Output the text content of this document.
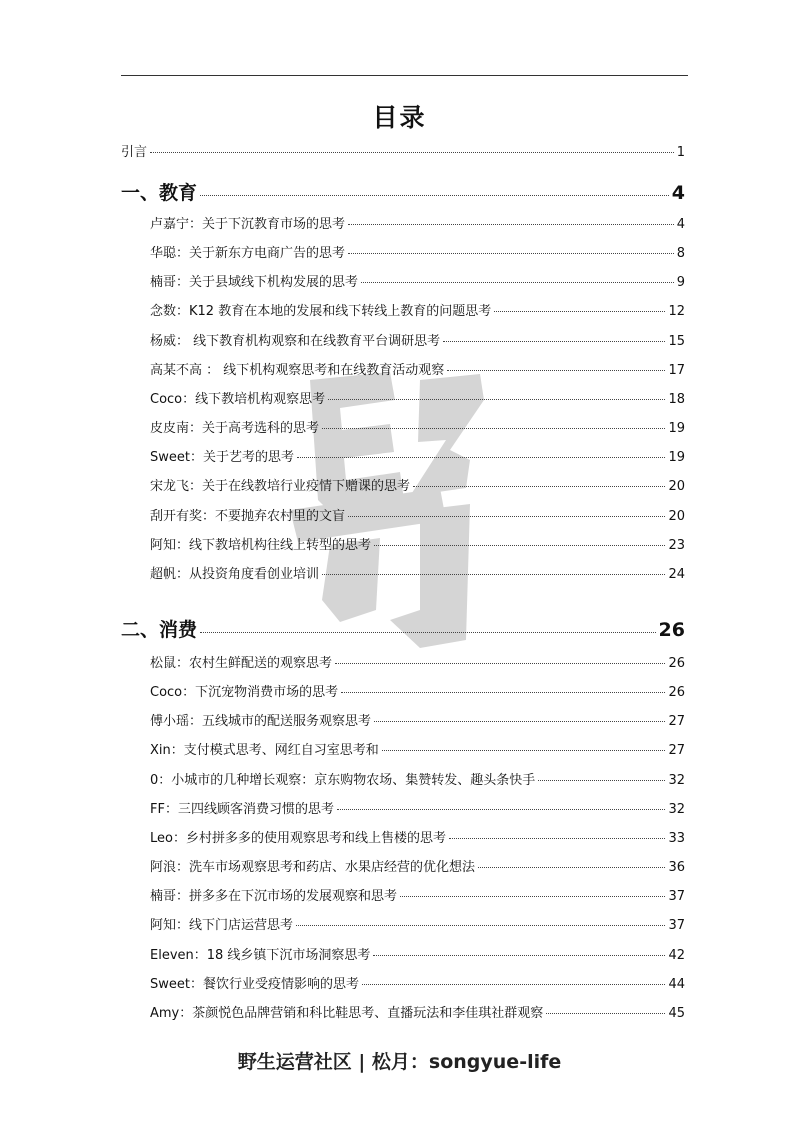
目录
引言	1
一、教育	4
卢嘉宁：关于下沉教育市场的思考	4
华聪：关于新东方电商广告的思考	8
楠哥：关于县域线下机构发展的思考	9
念数：K12 教育在本地的发展和线下转线上教育的问题思考	12
杨威： 线下教育机构观察和在线教育平台调研思考	15
高某不高 ： 线下机构观察思考和在线教育活动观察	17
Coco：线下教培机构观察思考	18
皮皮南：关于高考选科的思考	19
Sweet：关于艺考的思考	19
宋龙飞：关于在线教培行业疫情下赠课的思考	20
刮开有奖：不要抛弃农村里的文盲	20
阿知：线下教培机构往线上转型的思考	23
超帆：从投资角度看创业培训	24
二、消费	26
松鼠：农村生鲜配送的观察思考	26
Coco：下沉宠物消费市场的思考	26
傅小瑶：五线城市的配送服务观察思考	27
Xin：支付模式思考、网红自习室思考和	27
0：小城市的几种增长观察：京东购物农场、集赞转发、趣头条快手	32
FF：三四线顾客消费习惯的思考	32
Leo：乡村拼多多的使用观察思考和线上售楼的思考	33
阿浪：洗车市场观察思考和药店、水果店经营的优化想法	36
楠哥：拼多多在下沉市场的发展观察和思考	37
阿知：线下门店运营思考	37
Eleven：18 线乡镇下沉市场洞察思考	42
Sweet：餐饮行业受疫情影响的思考	44
Amy：茶颜悦色品牌营销和科比鞋思考、直播玩法和李佳琪社群观察	45
野生运营社区 | 松月：songyue-life
